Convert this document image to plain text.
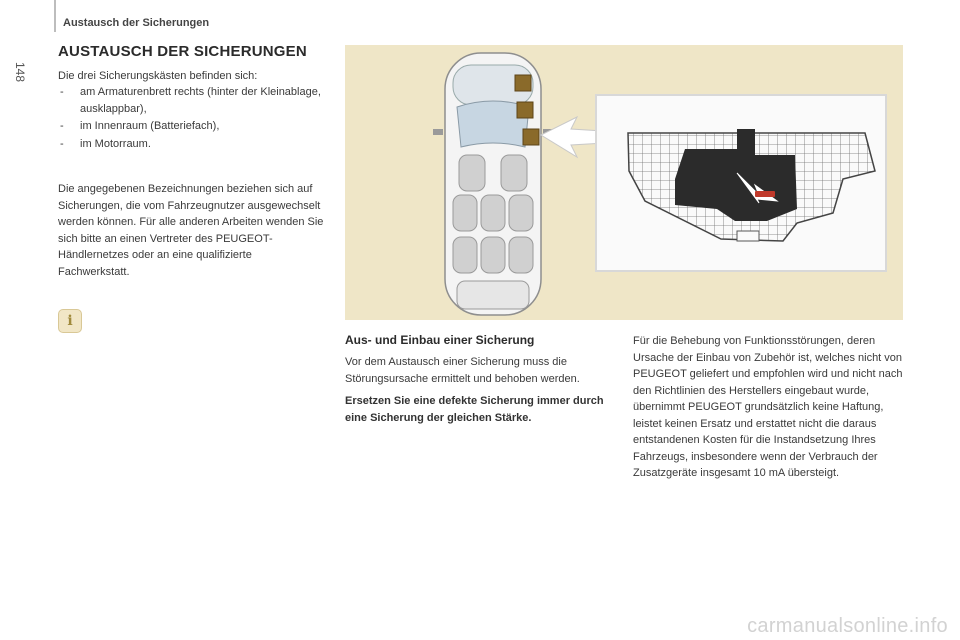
Austausch der Sicherungen
148
AUSTAUSCH DER SICHERUNGEN
Die drei Sicherungskästen befinden sich:
- am Armaturenbrett rechts (hinter der Kleinablage, ausklappbar),
- im Innenraum (Batteriefach),
- im Motorraum.
Die angegebenen Bezeichnungen beziehen sich auf Sicherungen, die vom Fahrzeugnutzer ausgewechselt werden können. Für alle anderen Arbeiten wenden Sie sich bitte an einen Vertreter des PEUGEOT-Händlernetzes oder an eine qualifizierte Fachwerkstatt.
i
Aus- und Einbau einer Sicherung
Vor dem Austausch einer Sicherung muss die Störungsursache ermittelt und behoben werden.
Ersetzen Sie eine defekte Sicherung immer durch eine Sicherung der gleichen Stärke.
Für die Behebung von Funktionsstörungen, deren Ursache der Einbau von Zubehör ist, welches nicht von PEUGEOT geliefert und empfohlen wird und nicht nach den Richtlinien des Herstellers eingebaut wurde, übernimmt PEUGEOT grundsätzlich keine Haftung, leistet keinen Ersatz und erstattet nicht die daraus entstandenen Kosten für die Instandsetzung Ihres Fahrzeugs, insbesondere wenn der Verbrauch der Zusatzgeräte insgesamt 10 mA übersteigt.
carmanualsonline.info
